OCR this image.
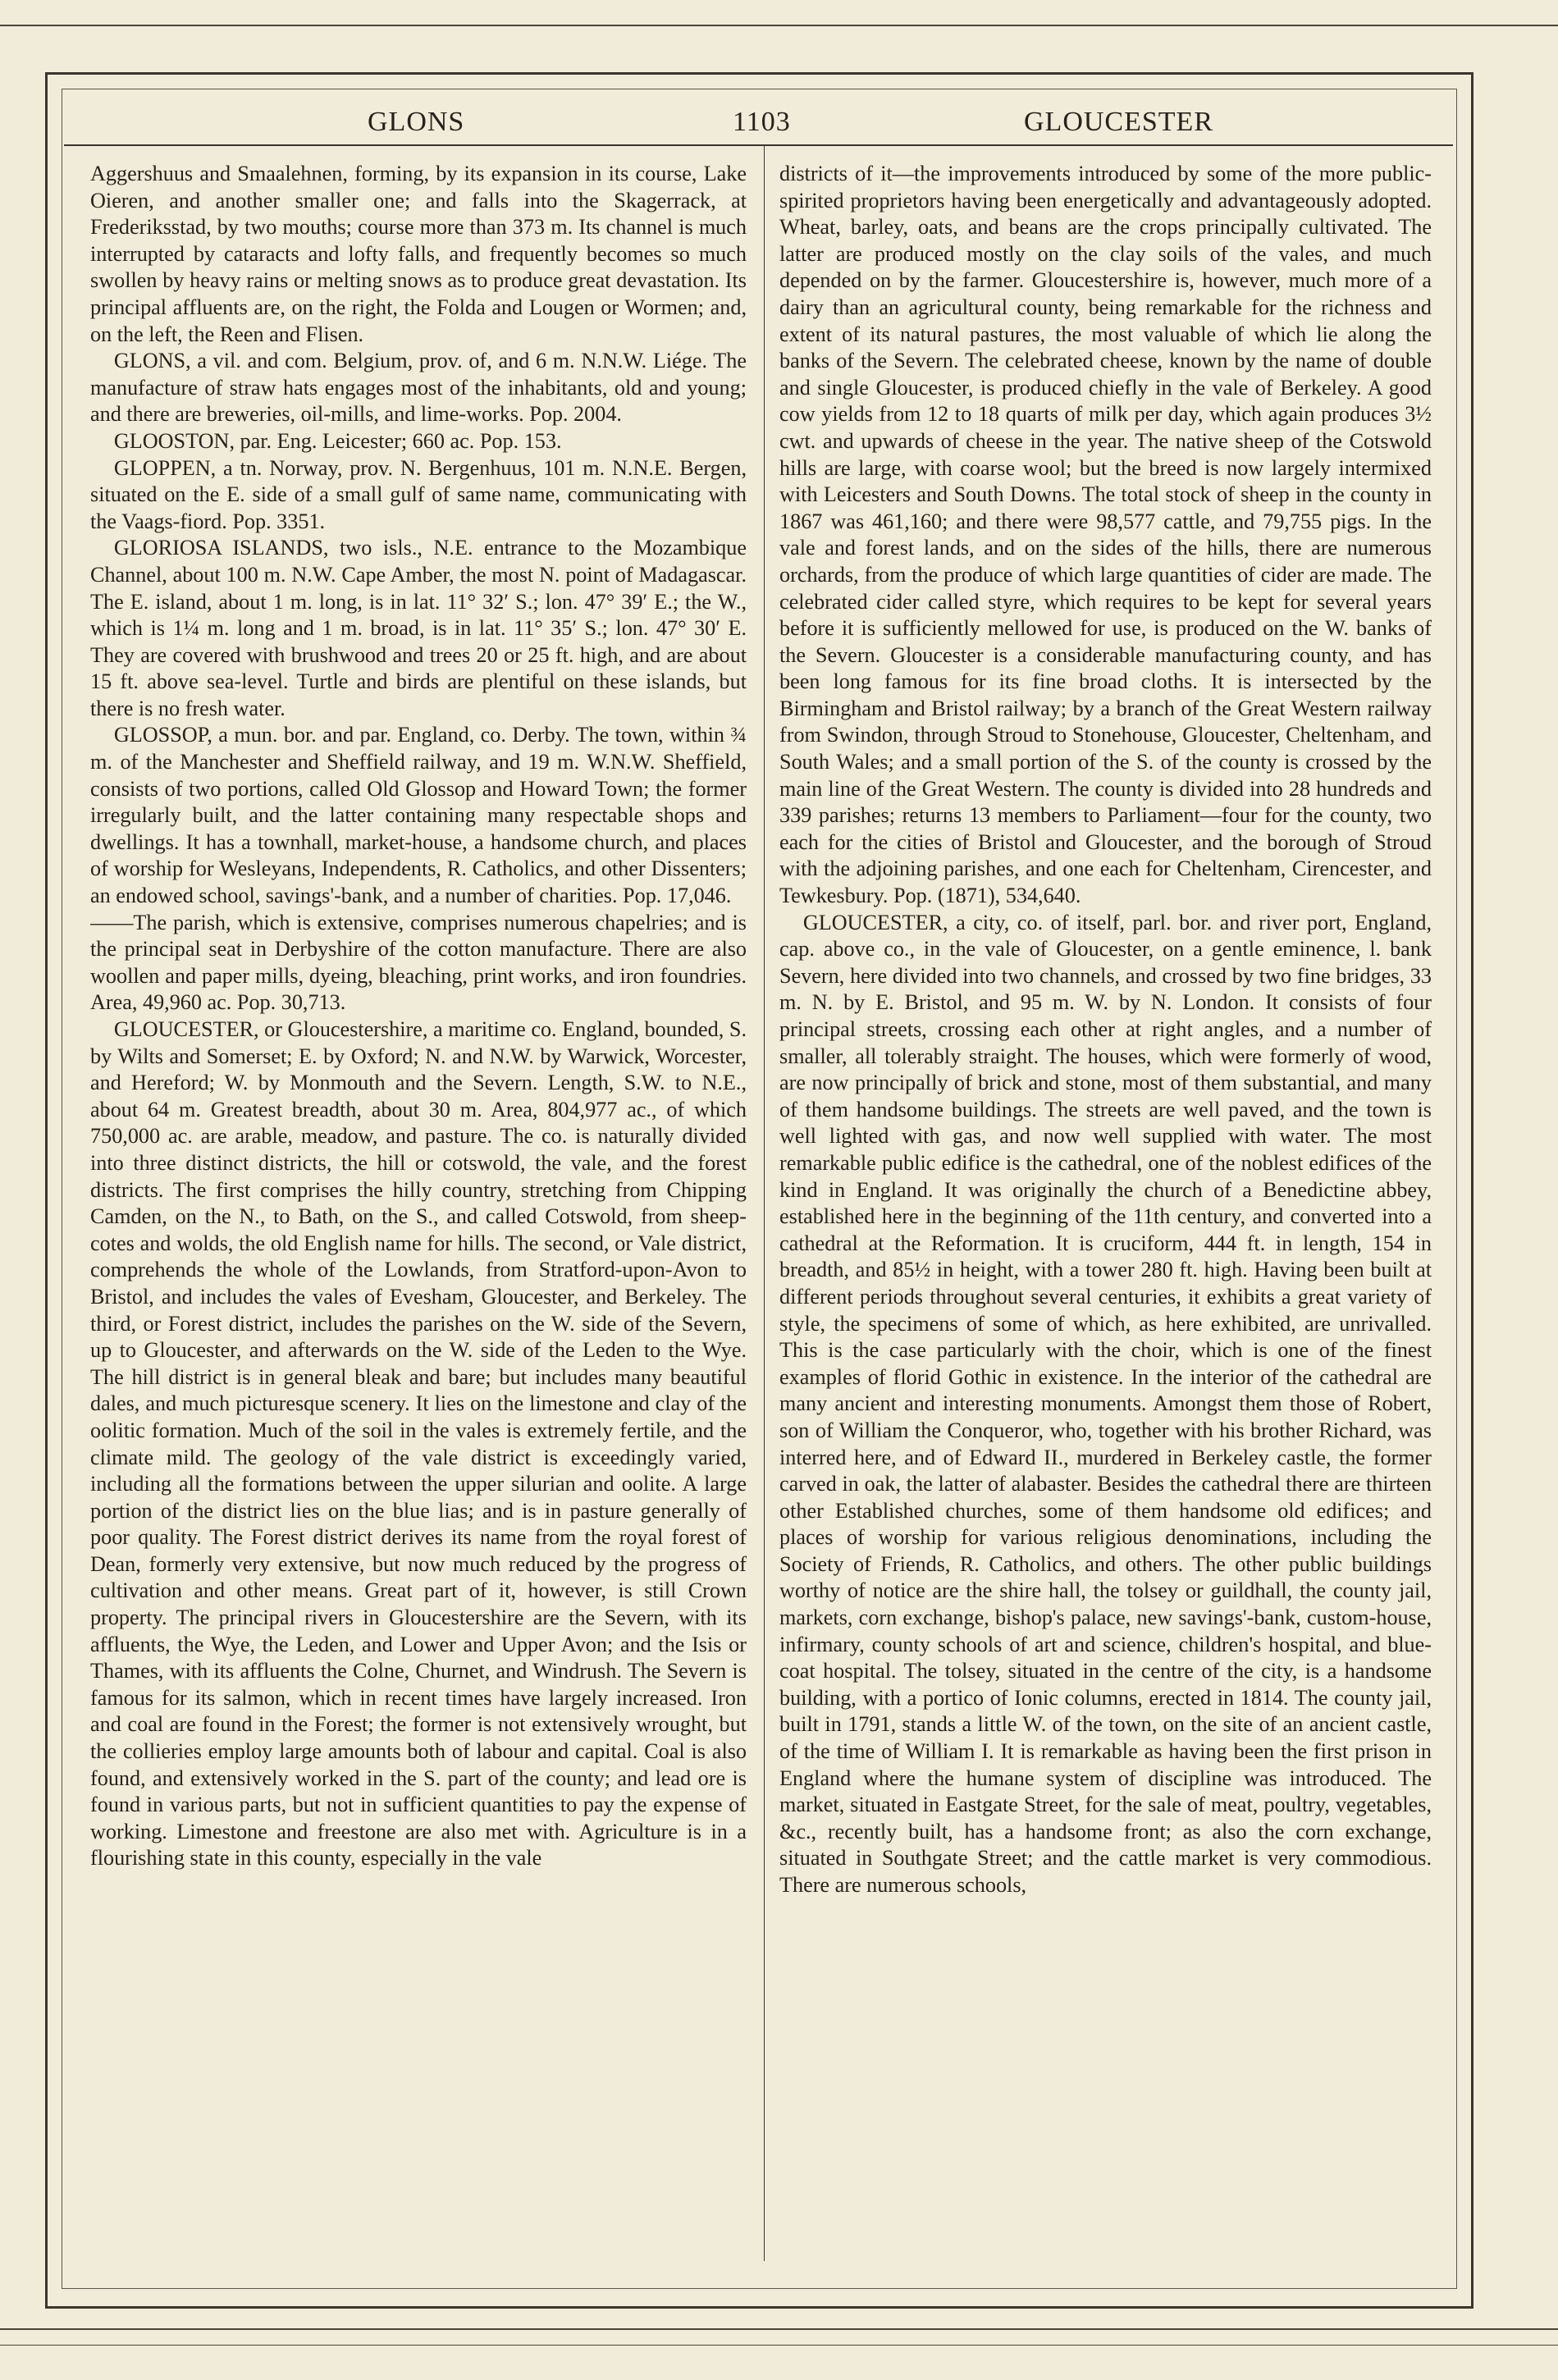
GLONS	1103	GLOUCESTER

Aggershuus and Smaalehnen, forming, by its expansion in its course, Lake Oieren, and another smaller one; and falls into the Skagerrack, at Frederiksstad, by two mouths; course more than 373 m. Its channel is much interrupted by cataracts and lofty falls, and frequently becomes so much swollen by heavy rains or melting snows as to produce great devastation. Its principal affluents are, on the right, the Folda and Lougen or Wormen; and, on the left, the Reen and Flisen.

GLONS, a vil. and com. Belgium, prov. of, and 6 m. N.N.W. Liége. The manufacture of straw hats engages most of the inhabitants, old and young; and there are breweries, oil-mills, and lime-works. Pop. 2004.

GLOOSTON, par. Eng. Leicester; 660 ac. Pop. 153.

GLOPPEN, a tn. Norway, prov. N. Bergenhuus, 101 m. N.N.E. Bergen, situated on the E. side of a small gulf of same name, communicating with the Vaags-fiord. Pop. 3351.

GLORIOSA ISLANDS, two isls., N.E. entrance to the Mozambique Channel, about 100 m. N.W. Cape Amber, the most N. point of Madagascar. The E. island, about 1 m. long, is in lat. 11° 32′ S.; lon. 47° 39′ E.; the W., which is 1¼ m. long and 1 m. broad, is in lat. 11° 35′ S.; lon. 47° 30′ E. They are covered with brushwood and trees 20 or 25 ft. high, and are about 15 ft. above sea-level. Turtle and birds are plentiful on these islands, but there is no fresh water.

GLOSSOP, a mun. bor. and par. England, co. Derby. The town, within ¾ m. of the Manchester and Sheffield railway, and 19 m. W.N.W. Sheffield, consists of two portions, called Old Glossop and Howard Town; the former irregularly built, and the latter containing many respectable shops and dwellings. It has a townhall, market-house, a handsome church, and places of worship for Wesleyans, Independents, R. Catholics, and other Dissenters; an endowed school, savings'-bank, and a number of charities. Pop. 17,046.

——The parish, which is extensive, comprises numerous chapelries; and is the principal seat in Derbyshire of the cotton manufacture. There are also woollen and paper mills, dyeing, bleaching, print works, and iron foundries. Area, 49,960 ac. Pop. 30,713.

GLOUCESTER, or Gloucestershire, a maritime co. England, bounded, S. by Wilts and Somerset; E. by Oxford; N. and N.W. by Warwick, Worcester, and Hereford; W. by Monmouth and the Severn. Length, S.W. to N.E., about 64 m. Greatest breadth, about 30 m. Area, 804,977 ac., of which 750,000 ac. are arable, meadow, and pasture. The co. is naturally divided into three distinct districts, the hill or cotswold, the vale, and the forest districts. The first comprises the hilly country, stretching from Chipping Camden, on the N., to Bath, on the S., and called Cotswold, from sheep-cotes and wolds, the old English name for hills. The second, or Vale district, comprehends the whole of the Lowlands, from Stratford-upon-Avon to Bristol, and includes the vales of Evesham, Gloucester, and Berkeley. The third, or Forest district, includes the parishes on the W. side of the Severn, up to Gloucester, and afterwards on the W. side of the Leden to the Wye. The hill district is in general bleak and bare; but includes many beautiful dales, and much picturesque scenery. It lies on the limestone and clay of the oolitic formation. Much of the soil in the vales is extremely fertile, and the climate mild. The geology of the vale district is exceedingly varied, including all the formations between the upper silurian and oolite. A large portion of the district lies on the blue lias; and is in pasture generally of poor quality. The Forest district derives its name from the royal forest of Dean, formerly very extensive, but now much reduced by the progress of cultivation and other means. Great part of it, however, is still Crown property. The principal rivers in Gloucestershire are the Severn, with its affluents, the Wye, the Leden, and Lower and Upper Avon; and the Isis or Thames, with its affluents the Colne, Churnet, and Windrush. The Severn is famous for its salmon, which in recent times have largely increased. Iron and coal are found in the Forest; the former is not extensively wrought, but the collieries employ large amounts both of labour and capital. Coal is also found, and extensively worked in the S. part of the county; and lead ore is found in various parts, but not in sufficient quantities to pay the expense of working. Limestone and freestone are also met with. Agriculture is in a flourishing state in this county, especially in the vale

districts of it—the improvements introduced by some of the more public-spirited proprietors having been energetically and advantageously adopted. Wheat, barley, oats, and beans are the crops principally cultivated. The latter are produced mostly on the clay soils of the vales, and much depended on by the farmer. Gloucestershire is, however, much more of a dairy than an agricultural county, being remarkable for the richness and extent of its natural pastures, the most valuable of which lie along the banks of the Severn. The celebrated cheese, known by the name of double and single Gloucester, is produced chiefly in the vale of Berkeley. A good cow yields from 12 to 18 quarts of milk per day, which again produces 3½ cwt. and upwards of cheese in the year. The native sheep of the Cotswold hills are large, with coarse wool; but the breed is now largely intermixed with Leicesters and South Downs. The total stock of sheep in the county in 1867 was 461,160; and there were 98,577 cattle, and 79,755 pigs. In the vale and forest lands, and on the sides of the hills, there are numerous orchards, from the produce of which large quantities of cider are made. The celebrated cider called styre, which requires to be kept for several years before it is sufficiently mellowed for use, is produced on the W. banks of the Severn. Gloucester is a considerable manufacturing county, and has been long famous for its fine broad cloths. It is intersected by the Birmingham and Bristol railway; by a branch of the Great Western railway from Swindon, through Stroud to Stonehouse, Gloucester, Cheltenham, and South Wales; and a small portion of the S. of the county is crossed by the main line of the Great Western. The county is divided into 28 hundreds and 339 parishes; returns 13 members to Parliament—four for the county, two each for the cities of Bristol and Gloucester, and the borough of Stroud with the adjoining parishes, and one each for Cheltenham, Cirencester, and Tewkesbury. Pop. (1871), 534,640.

GLOUCESTER, a city, co. of itself, parl. bor. and river port, England, cap. above co., in the vale of Gloucester, on a gentle eminence, l. bank Severn, here divided into two channels, and crossed by two fine bridges, 33 m. N. by E. Bristol, and 95 m. W. by N. London. It consists of four principal streets, crossing each other at right angles, and a number of smaller, all tolerably straight. The houses, which were formerly of wood, are now principally of brick and stone, most of them substantial, and many of them handsome buildings. The streets are well paved, and the town is well lighted with gas, and now well supplied with water. The most remarkable public edifice is the cathedral, one of the noblest edifices of the kind in England. It was originally the church of a Benedictine abbey, established here in the beginning of the 11th century, and converted into a cathedral at the Reformation. It is cruciform, 444 ft. in length, 154 in breadth, and 85½ in height, with a tower 280 ft. high. Having been built at different periods throughout several centuries, it exhibits a great variety of style, the specimens of some of which, as here exhibited, are unrivalled. This is the case particularly with the choir, which is one of the finest examples of florid Gothic in existence. In the interior of the cathedral are many ancient and interesting monuments. Amongst them those of Robert, son of William the Conqueror, who, together with his brother Richard, was interred here, and of Edward II., murdered in Berkeley castle, the former carved in oak, the latter of alabaster. Besides the cathedral there are thirteen other Established churches, some of them handsome old edifices; and places of worship for various religious denominations, including the Society of Friends, R. Catholics, and others. The other public buildings worthy of notice are the shire hall, the tolsey or guildhall, the county jail, markets, corn exchange, bishop's palace, new savings'-bank, custom-house, infirmary, county schools of art and science, children's hospital, and blue-coat hospital. The tolsey, situated in the centre of the city, is a handsome building, with a portico of Ionic columns, erected in 1814. The county jail, built in 1791, stands a little W. of the town, on the site of an ancient castle, of the time of William I. It is remarkable as having been the first prison in England where the humane system of discipline was introduced. The market, situated in Eastgate Street, for the sale of meat, poultry, vegetables, &c., recently built, has a handsome front; as also the corn exchange, situated in Southgate Street; and the cattle market is very commodious. There are numerous schools,
